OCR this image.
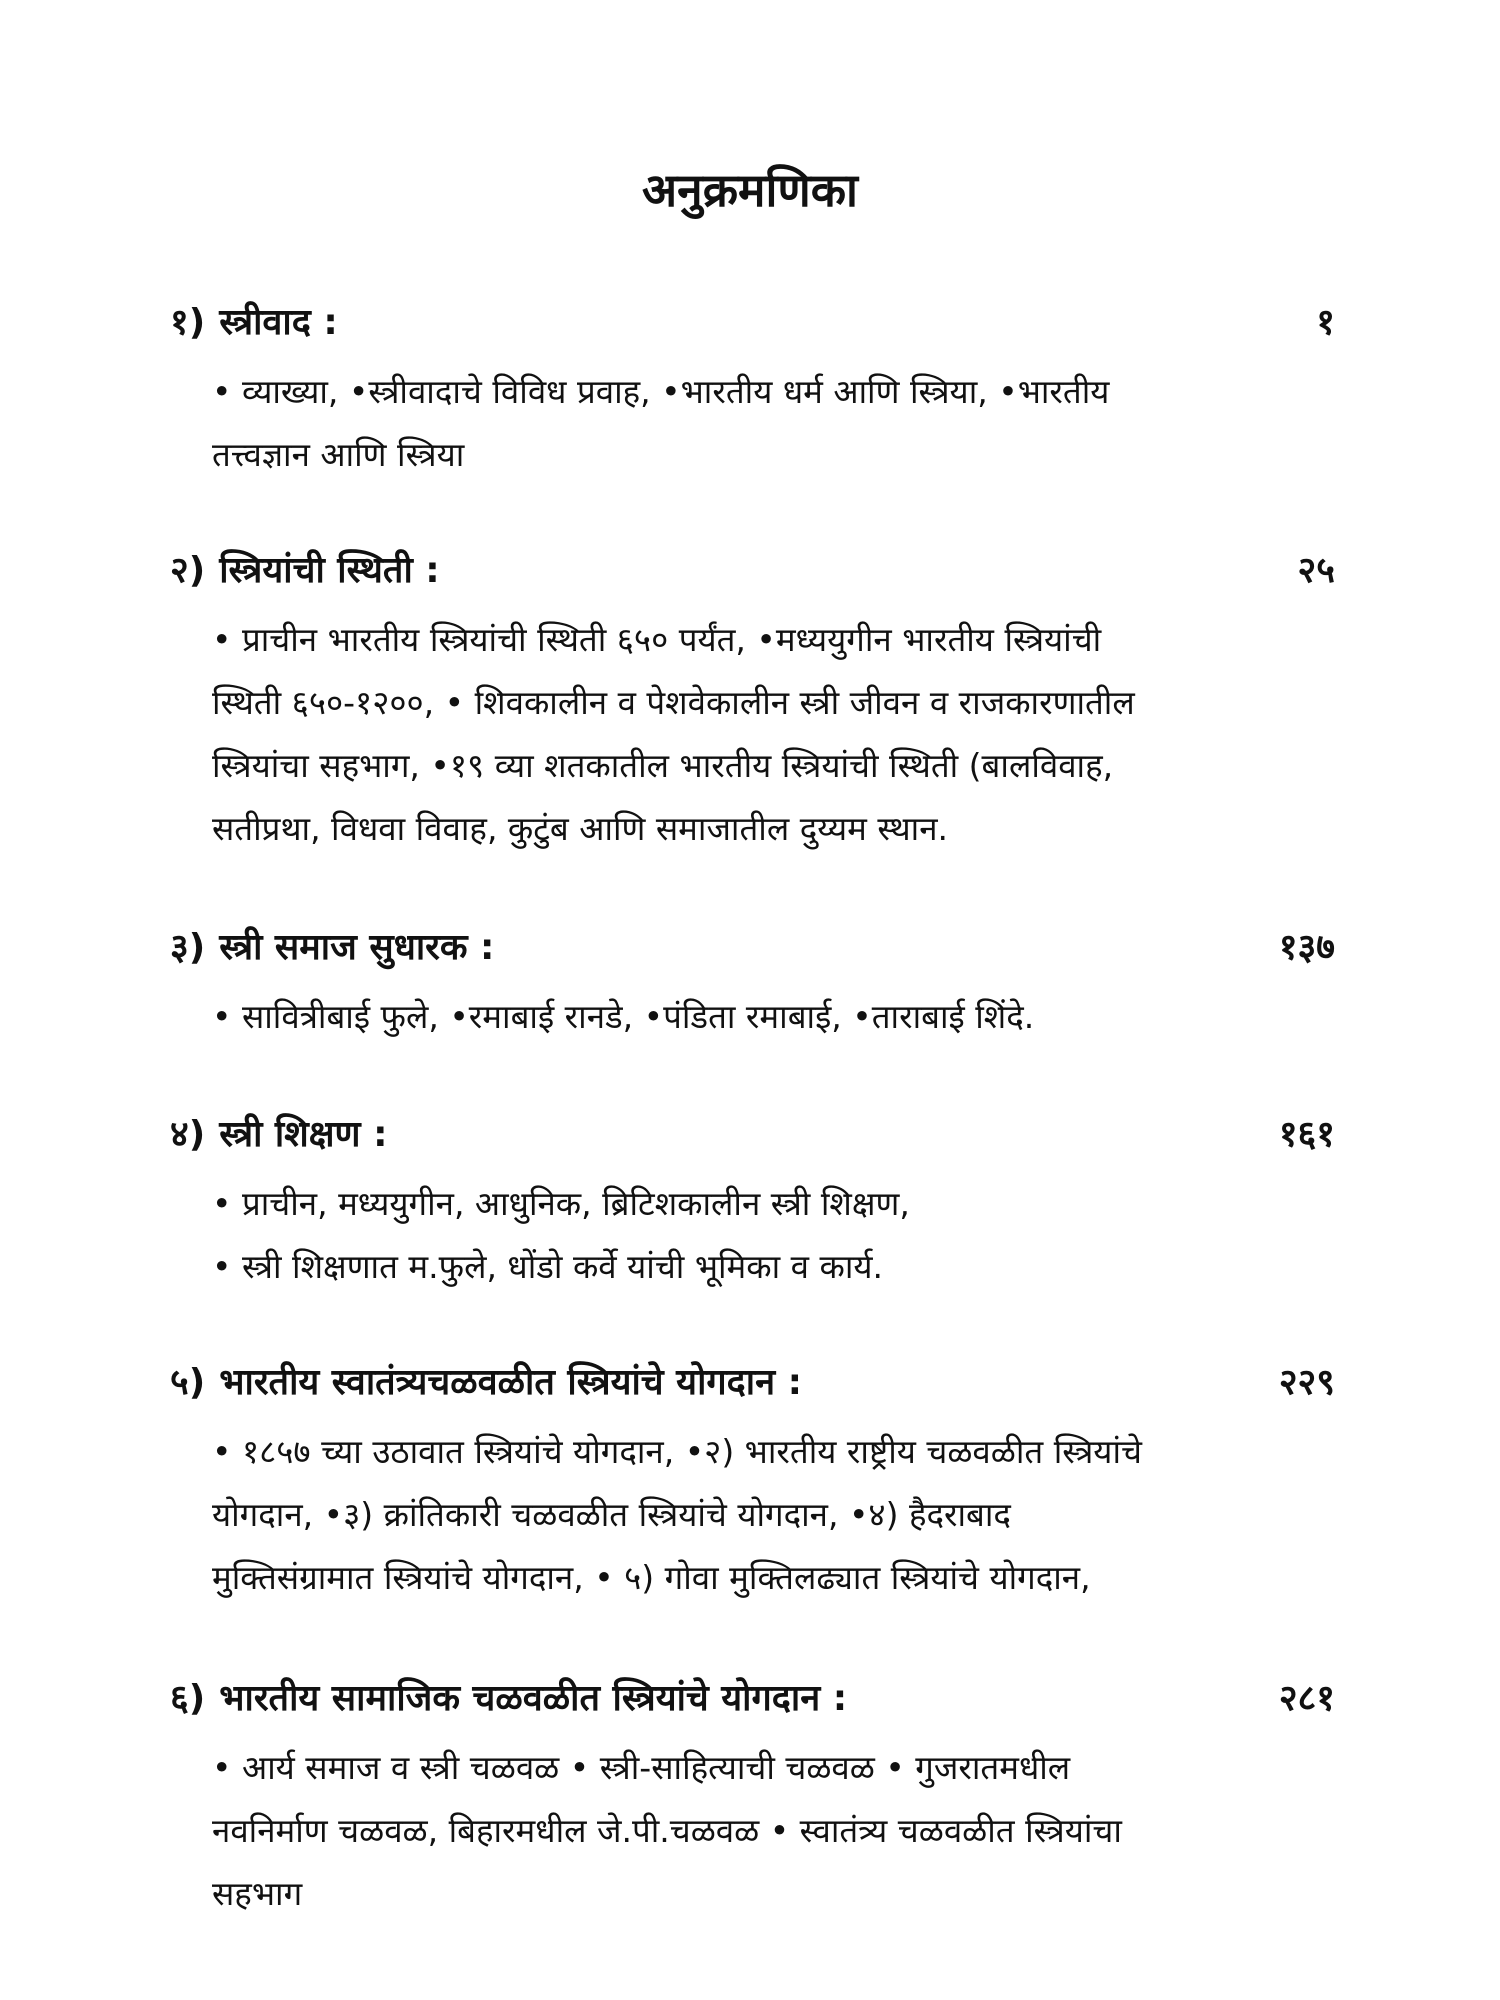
अनुक्रमणिका
१) स्त्रीवाद :	१
• व्याख्या, •स्त्रीवादाचे विविध प्रवाह, •भारतीय धर्म आणि स्त्रिया, •भारतीय
तत्त्वज्ञान आणि स्त्रिया
२) स्त्रियांची स्थिती :	२५
• प्राचीन भारतीय स्त्रियांची स्थिती ६५० पर्यंत, •मध्ययुगीन भारतीय स्त्रियांची
स्थिती ६५०-१२००, • शिवकालीन व पेशवेकालीन स्त्री जीवन व राजकारणातील
स्त्रियांचा सहभाग, •१९ व्या शतकातील भारतीय स्त्रियांची स्थिती (बालविवाह,
सतीप्रथा, विधवा विवाह, कुटुंब आणि समाजातील दुय्यम स्थान.
३) स्त्री समाज सुधारक :	१३७
• सावित्रीबाई फुले, •रमाबाई रानडे, •पंडिता रमाबाई, •ताराबाई शिंदे.
४) स्त्री शिक्षण :	१६१
• प्राचीन, मध्ययुगीन, आधुनिक, ब्रिटिशकालीन स्त्री शिक्षण,
• स्त्री शिक्षणात म.फुले, धोंडो कर्वे यांची भूमिका व कार्य.
५) भारतीय स्वातंत्र्यचळवळीत स्त्रियांचे योगदान :	२२९
• १८५७ च्या उठावात स्त्रियांचे योगदान, •२) भारतीय राष्ट्रीय चळवळीत स्त्रियांचे
योगदान, •३) क्रांतिकारी चळवळीत स्त्रियांचे योगदान, •४) हैदराबाद
मुक्तिसंग्रामात स्त्रियांचे योगदान, • ५) गोवा मुक्तिलढ्यात स्त्रियांचे योगदान,
६) भारतीय सामाजिक चळवळीत स्त्रियांचे योगदान :	२८१
• आर्य समाज व स्त्री चळवळ • स्त्री-साहित्याची चळवळ • गुजरातमधील
नवनिर्माण चळवळ, बिहारमधील जे.पी.चळवळ • स्वातंत्र्य चळवळीत स्त्रियांचा
सहभाग
